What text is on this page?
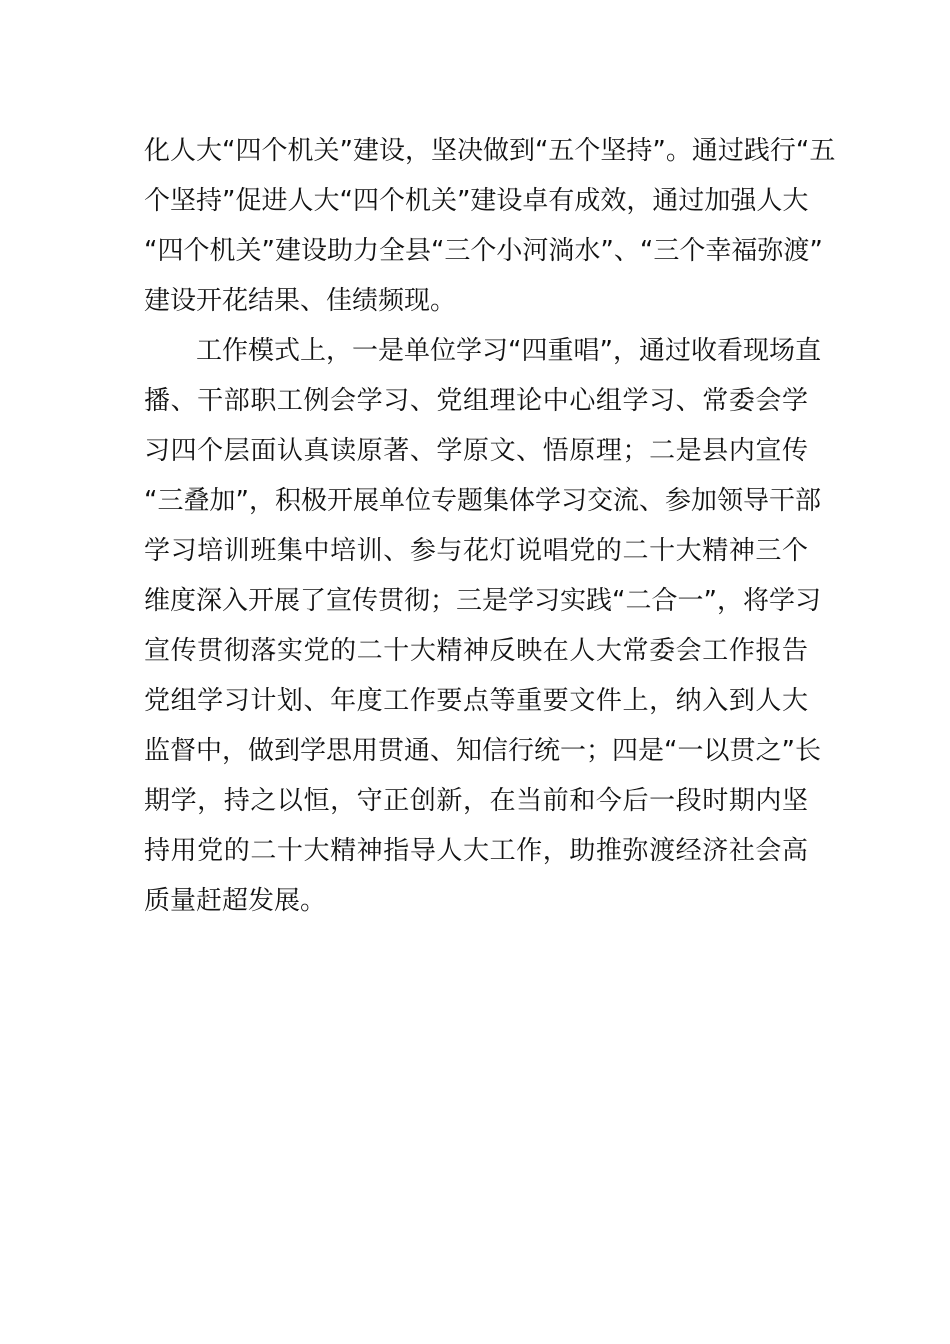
化人大“四个机关”建设，坚决做到“五个坚持”。通过践行“五
个坚持”促进人大“四个机关”建设卓有成效，通过加强人大
“四个机关”建设助力全县“三个小河淌水”、“三个幸福弥渡”
建设开花结果、佳绩频现。
工作模式上，一是单位学习“四重唱”，通过收看现场直
播、干部职工例会学习、党组理论中心组学习、常委会学
习四个层面认真读原著、学原文、悟原理；二是县内宣传
“三叠加”，积极开展单位专题集体学习交流、参加领导干部
学习培训班集中培训、参与花灯说唱党的二十大精神三个
维度深入开展了宣传贯彻；三是学习实践“二合一”，将学习
宣传贯彻落实党的二十大精神反映在人大常委会工作报告
党组学习计划、年度工作要点等重要文件上，纳入到人大
监督中，做到学思用贯通、知信行统一；四是“一以贯之”长
期学，持之以恒，守正创新，在当前和今后一段时期内坚
持用党的二十大精神指导人大工作，助推弥渡经济社会高
质量赶超发展。
